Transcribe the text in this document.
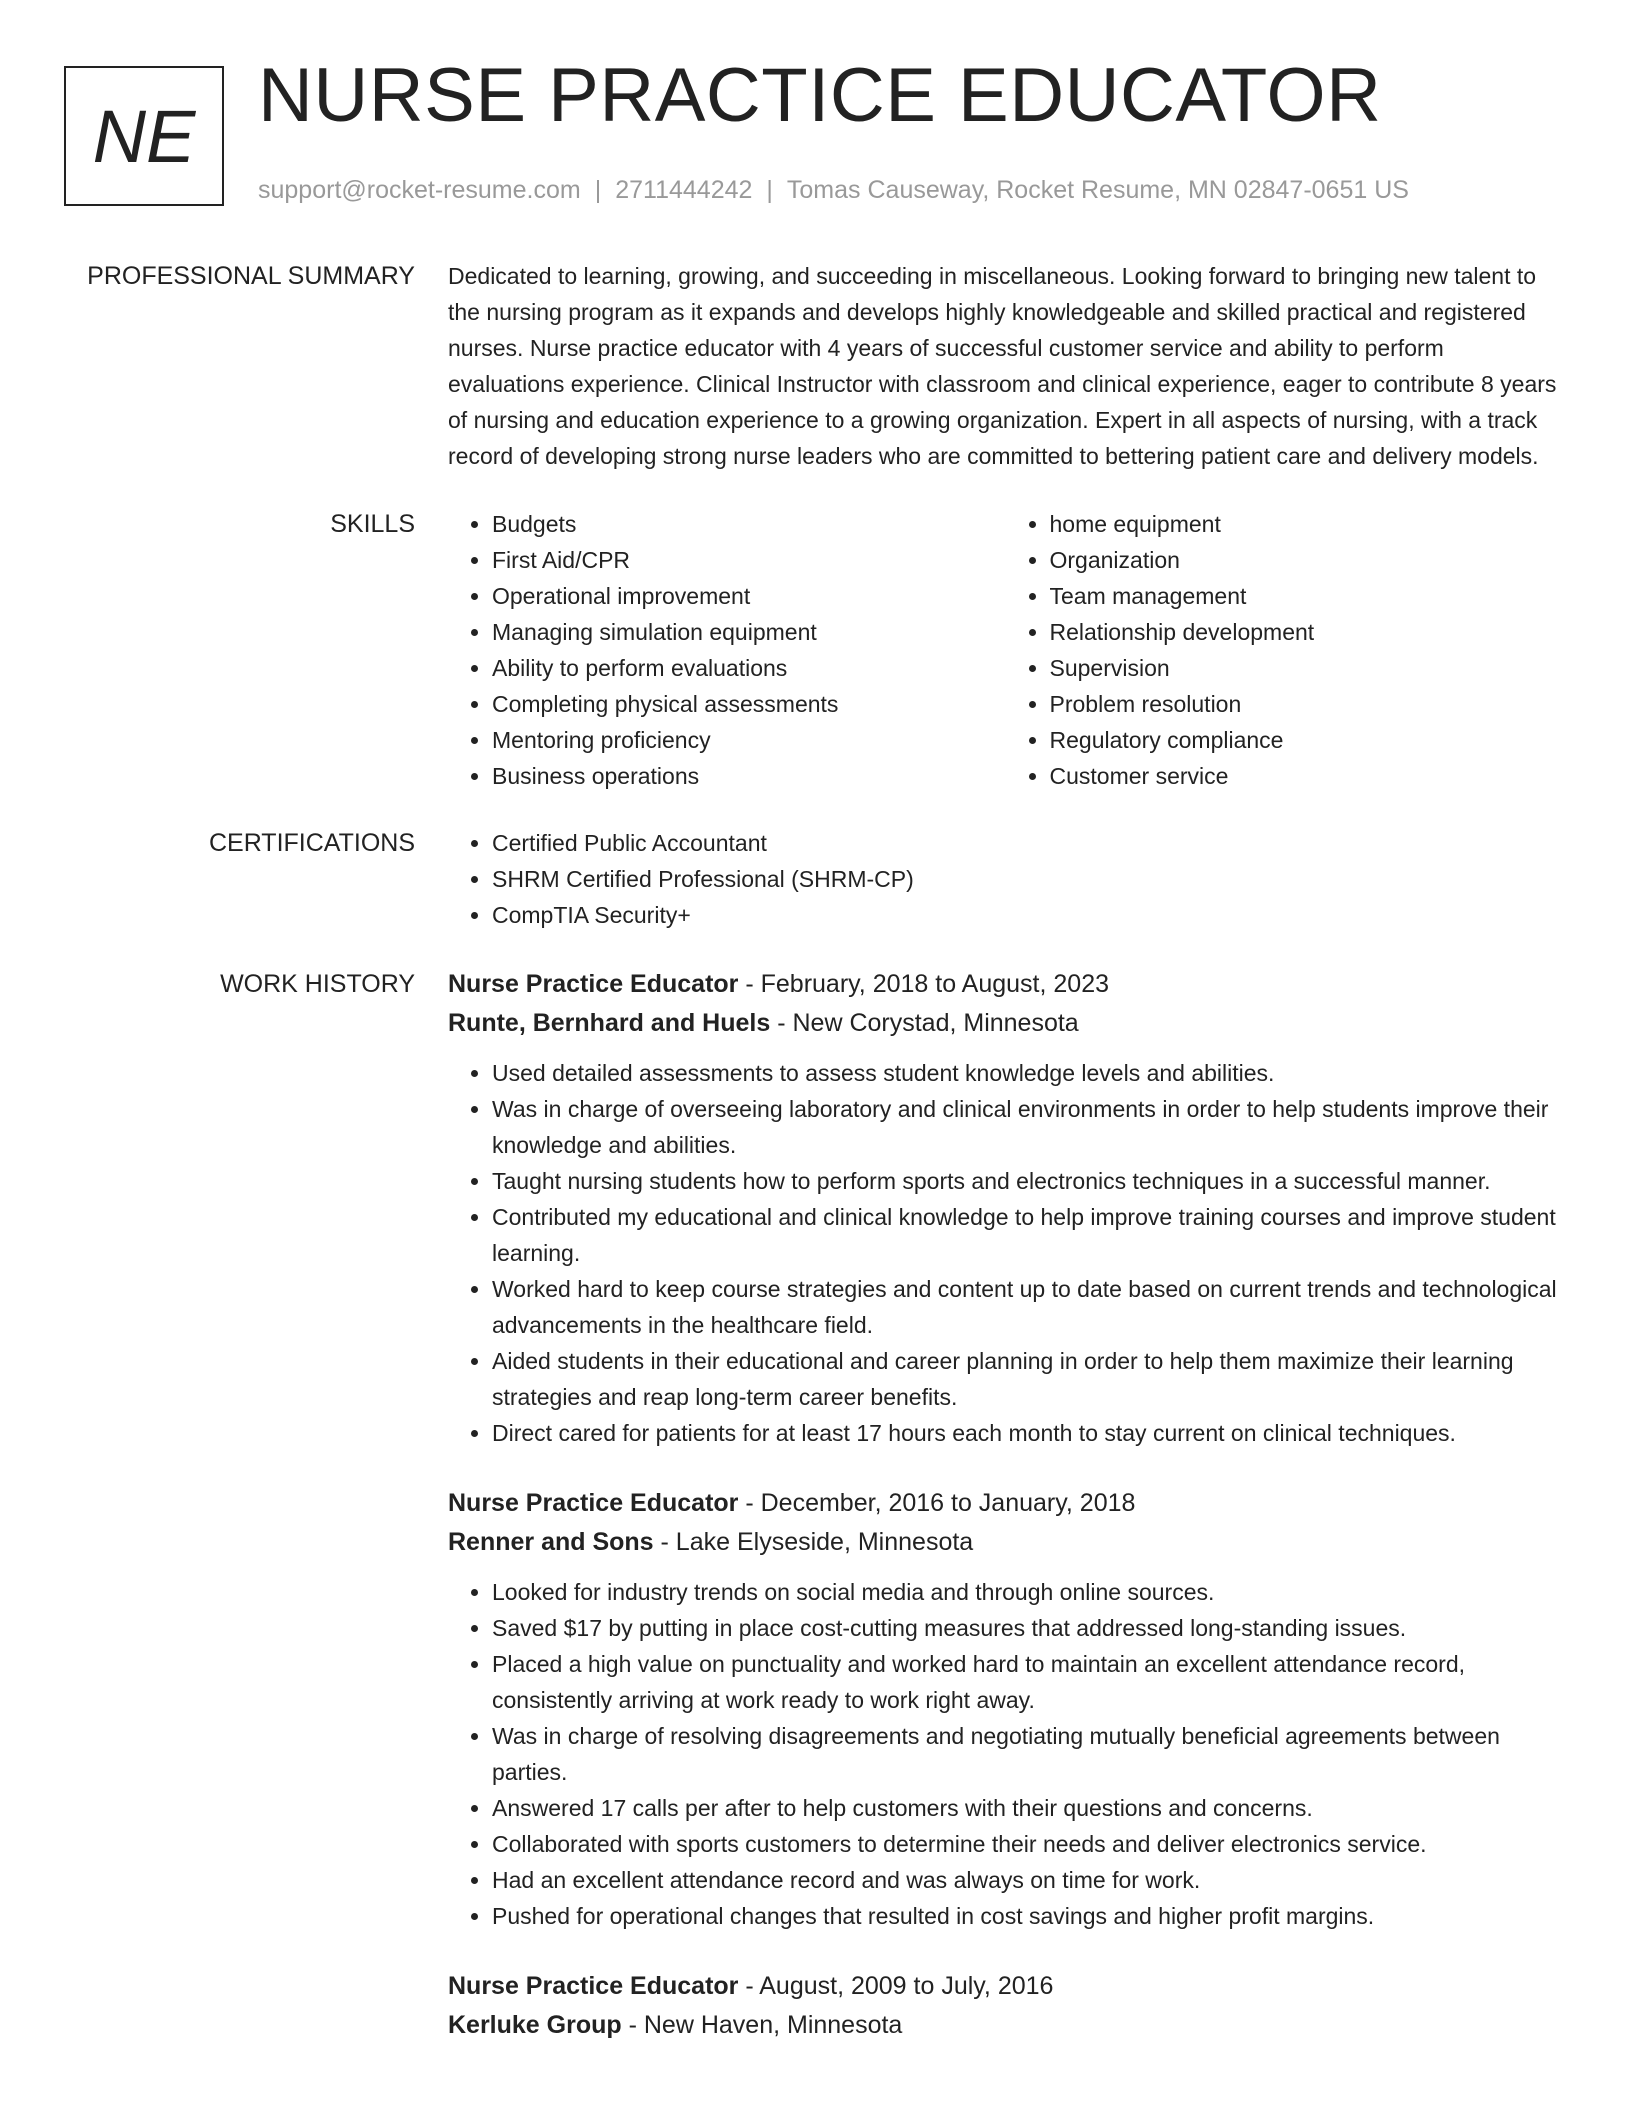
NE NURSE PRACTICE EDUCATOR
support@rocket-resume.com | 2711444242 | Tomas Causeway, Rocket Resume, MN 02847-0651 US
PROFESSIONAL SUMMARY Dedicated to learning, growing, and succeeding in miscellaneous. Looking forward to bringing new talent to the nursing program as it expands and develops highly knowledgeable and skilled practical and registered nurses. Nurse practice educator with 4 years of successful customer service and ability to perform evaluations experience. Clinical Instructor with classroom and clinical experience, eager to contribute 8 years of nursing and education experience to a growing organization. Expert in all aspects of nursing, with a track record of developing strong nurse leaders who are committed to bettering patient care and delivery models.

SKILLS	• Budgets
• First Aid/CPR
• Operational improvement
• Managing simulation equipment
• Ability to perform evaluations
• Completing physical assessments
• Mentoring proficiency
• Business operations
• home equipment
• Organization
• Team management
• Relationship development
• Supervision
• Problem resolution
• Regulatory compliance
• Customer service
CERTIFICATIONS	• Certified Public Accountant
• SHRM Certified Professional (SHRM-CP)
• CompTIA Security+
WORK HISTORY Nurse Practice Educator - February, 2018 to August, 2023
Runte, Bernhard and Huels - New Corystad, Minnesota
• Used detailed assessments to assess student knowledge levels and abilities.
• Was in charge of overseeing laboratory and clinical environments in order to help students improve their knowledge and abilities.
• Taught nursing students how to perform sports and electronics techniques in a successful manner.
• Contributed my educational and clinical knowledge to help improve training courses and improve student learning.
• Worked hard to keep course strategies and content up to date based on current trends and technological advancements in the healthcare field.
• Aided students in their educational and career planning in order to help them maximize their learning strategies and reap long-term career benefits.
• Direct cared for patients for at least 17 hours each month to stay current on clinical techniques.
Nurse Practice Educator - December, 2016 to January, 2018
Renner and Sons - Lake Elyseside, Minnesota
• Looked for industry trends on social media and through online sources.
• Saved $17 by putting in place cost-cutting measures that addressed long-standing issues.
• Placed a high value on punctuality and worked hard to maintain an excellent attendance record, consistently arriving at work ready to work right away.
• Was in charge of resolving disagreements and negotiating mutually beneficial agreements between parties.
• Answered 17 calls per after to help customers with their questions and concerns.
• Collaborated with sports customers to determine their needs and deliver electronics service.
• Had an excellent attendance record and was always on time for work.
• Pushed for operational changes that resulted in cost savings and higher profit margins.
Nurse Practice Educator - August, 2009 to July, 2016
Kerluke Group - New Haven, Minnesota
